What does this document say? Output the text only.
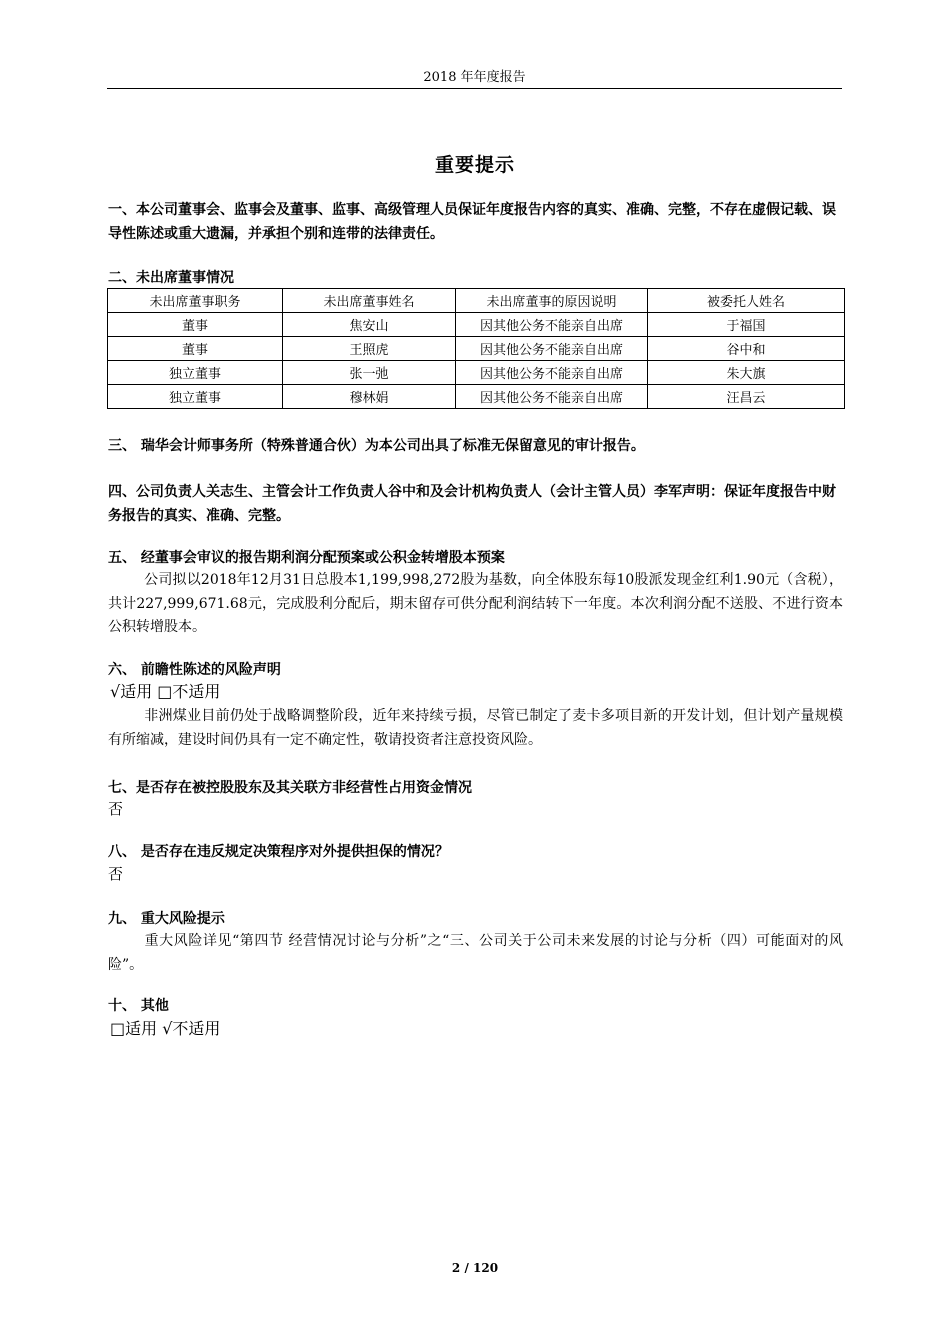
2018 年年度报告
重要提示
一、本公司董事会、监事会及董事、监事、高级管理人员保证年度报告内容的真实、准确、完整，不存在虚假记载、误导性陈述或重大遗漏，并承担个别和连带的法律责任。
二、未出席董事情况
未出席董事职务	未出席董事姓名	未出席董事的原因说明	被委托人姓名
董事	焦安山	因其他公务不能亲自出席	于福国
董事	王照虎	因其他公务不能亲自出席	谷中和
独立董事	张一弛	因其他公务不能亲自出席	朱大旗
独立董事	穆林娟	因其他公务不能亲自出席	汪昌云
三、 瑞华会计师事务所（特殊普通合伙）为本公司出具了标准无保留意见的审计报告。
四、公司负责人关志生、主管会计工作负责人谷中和及会计机构负责人（会计主管人员）李军声明：保证年度报告中财务报告的真实、准确、完整。
五、 经董事会审议的报告期利润分配预案或公积金转增股本预案
公司拟以2018年12月31日总股本1,199,998,272股为基数，向全体股东每10股派发现金红利1.90元（含税），共计227,999,671.68元，完成股利分配后，期末留存可供分配利润结转下一年度。本次利润分配不送股、不进行资本公积转增股本。
六、 前瞻性陈述的风险声明
√适用 □不适用
非洲煤业目前仍处于战略调整阶段，近年来持续亏损，尽管已制定了麦卡多项目新的开发计划，但计划产量规模有所缩减，建设时间仍具有一定不确定性，敬请投资者注意投资风险。
七、是否存在被控股股东及其关联方非经营性占用资金情况
否
八、 是否存在违反规定决策程序对外提供担保的情况？
否
九、 重大风险提示
重大风险详见“第四节 经营情况讨论与分析”之“三、公司关于公司未来发展的讨论与分析（四）可能面对的风险”。
十、 其他
□适用 √不适用
2 / 120
